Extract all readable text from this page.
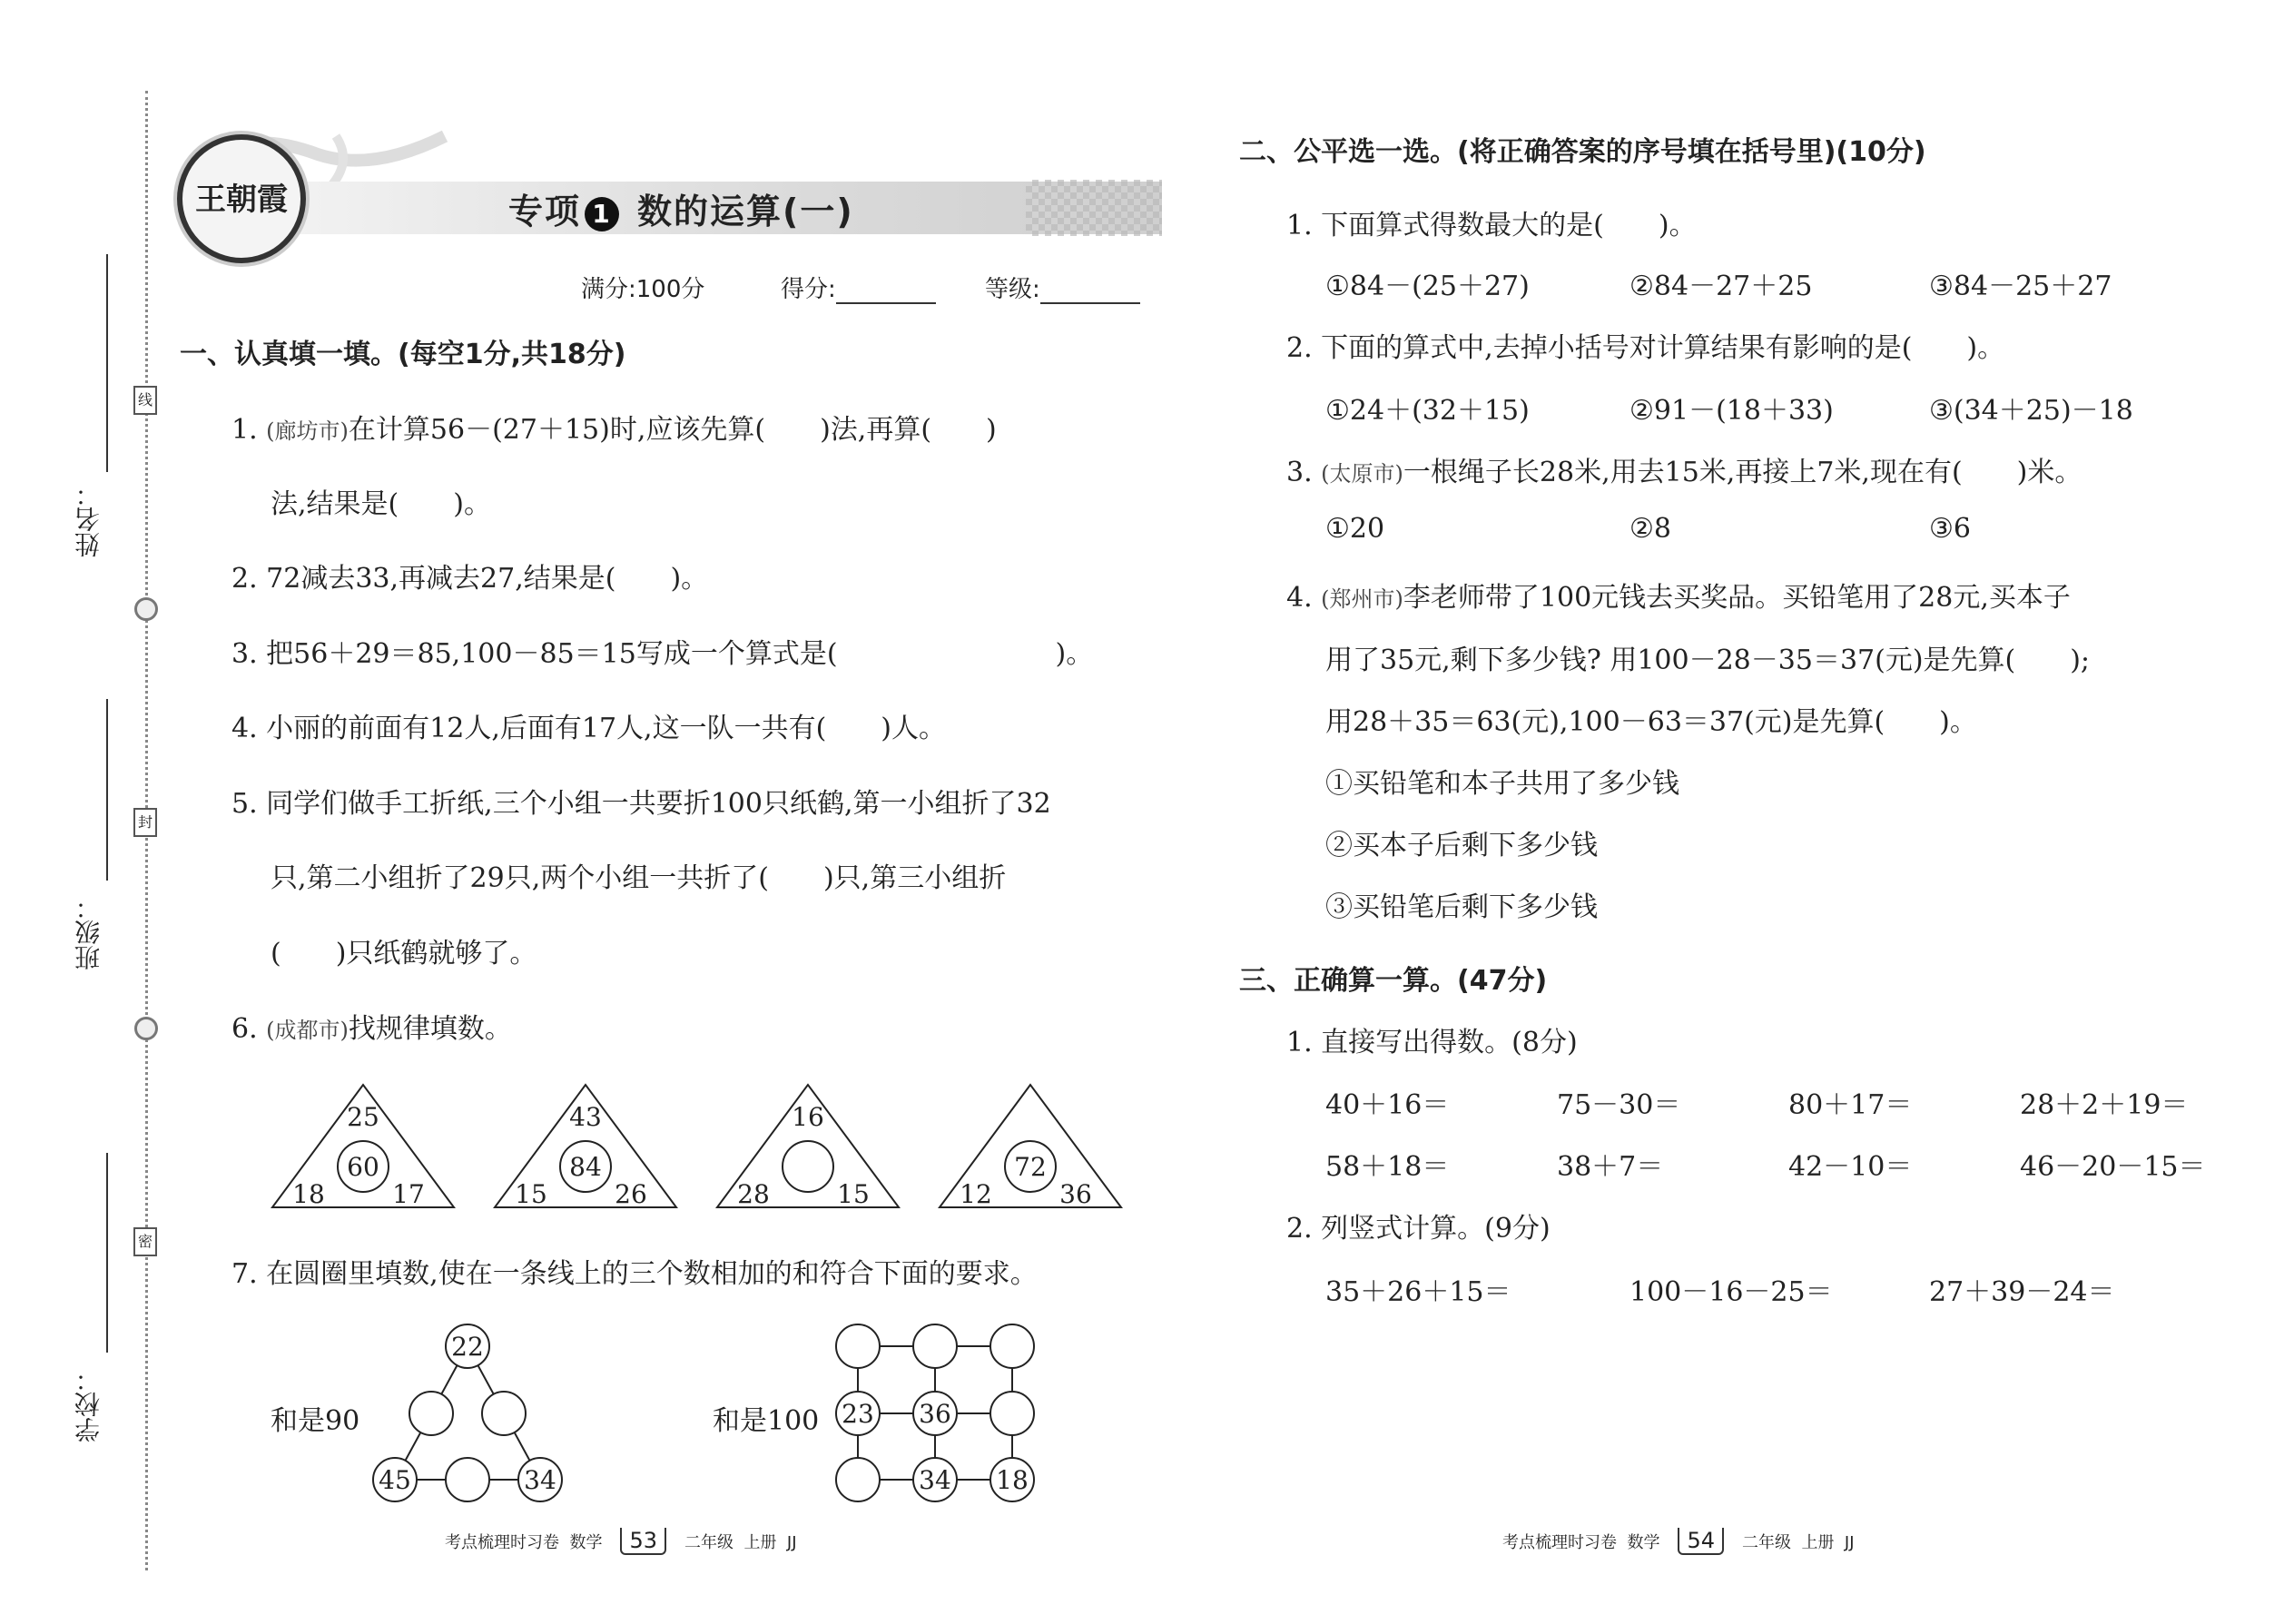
姓名：
班级：
学校：
线
封
密
王朝霞	专项 1 数的运算(一)
满分:100分	得分:	等级:
一、认真填一填。(每空1分,共18分)
1. (廊坊市)在计算56－(27＋15)时,应该先算(　　)法,再算(　　)
法,结果是(　　)。
2. 72减去33,再减去27,结果是(　　)。
3. 把56＋29＝85,100－85＝15写成一个算式是(　　　　　　　　)。
4. 小丽的前面有12人,后面有17人,这一队一共有(　　)人。
5. 同学们做手工折纸,三个小组一共要折100只纸鹤,第一小组折了32
只,第二小组折了29只,两个小组一共折了(　　)只,第三小组折
(　　)只纸鹤就够了。
6. (成都市)找规律填数。
25
60
18	17
43
84
15	26
16
28	15
72
12	36
7. 在圆圈里填数,使在一条线上的三个数相加的和符合下面的要求。
和是90
22
45	34
和是100 23 36
34 18
考点梳理时习卷 数学 53 二年级 上册 JJ
二、公平选一选。(将正确答案的序号填在括号里)(10分)
1. 下面算式得数最大的是(　　)。
①84－(25＋27)	②84－27＋25	③84－25＋27
2. 下面的算式中,去掉小括号对计算结果有影响的是(　　)。
①24＋(32＋15)	②91－(18＋33)	③(34＋25)－18
3. (太原市)一根绳子长28米,用去15米,再接上7米,现在有(　　)米。
①20	②8	③6
4. (郑州市)李老师带了100元钱去买奖品。买铅笔用了28元,买本子
用了35元,剩下多少钱? 用100－28－35＝37(元)是先算(　　);
用28＋35＝63(元),100－63＝37(元)是先算(　　)。
①买铅笔和本子共用了多少钱
②买本子后剩下多少钱
③买铅笔后剩下多少钱
三、正确算一算。(47分)
1. 直接写出得数。(8分)
40＋16＝	75－30＝	80＋17＝	28＋2＋19＝
58＋18＝	38＋7＝	42－10＝	46－20－15＝
2. 列竖式计算。(9分)
35＋26＋15＝	100－16－25＝	27＋39－24＝
考点梳理时习卷 数学 54 二年级 上册 JJ
